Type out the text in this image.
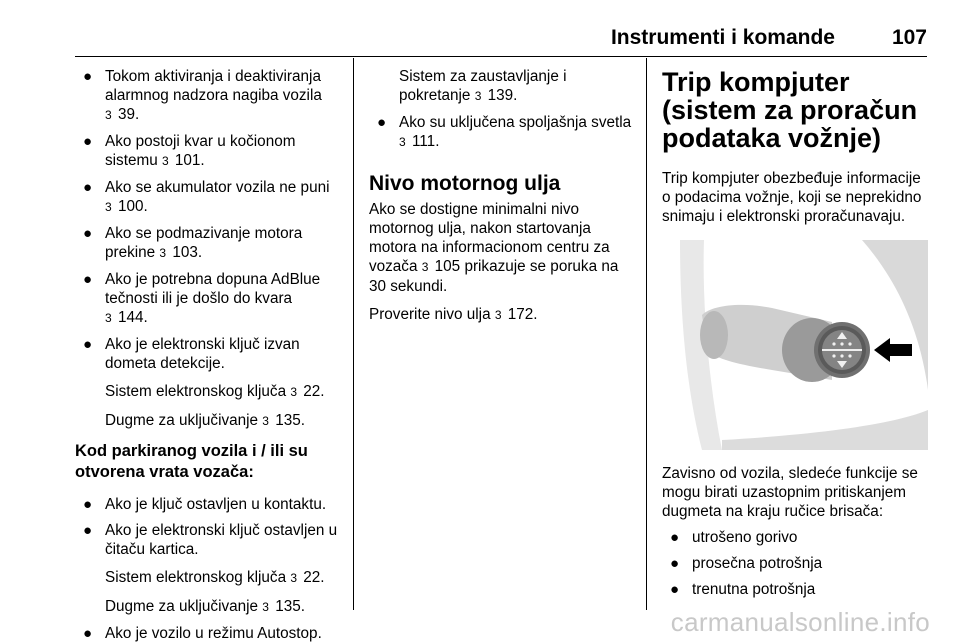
Instrumenti i komande	107
● Tokom aktiviranja i deaktiviranja alarmnog nadzora nagiba vozila
3 39.
● Ako postoji kvar u kočionom sistemu 3 101.
● Ako se akumulator vozila ne puni
3 100.
● Ako se podmazivanje motora prekine 3 103.
● Ako je potrebna dopuna AdBlue tečnosti ili je došlo do kvara
3 144.
● Ako je elektronski ključ izvan dometa detekcije.
Sistem elektronskog ključa 3 22.
Dugme za uključivanje 3 135.
Kod parkiranog vozila i / ili su otvorena vrata vozača:
● Ako je ključ ostavljen u kontaktu.
● Ako je elektronski ključ ostavljen u čitaču kartica.
Sistem elektronskog ključa 3 22.
Dugme za uključivanje 3 135.
● Ako je vozilo u režimu Autostop.
Sistem za zaustavljanje i pokretanje 3 139.
● Ako su uključena spoljašnja svetla 3 111.
Nivo motornog ulja

Ako se dostigne minimalni nivo motornog ulja, nakon startovanja motora na informacionom centru za vozača 3 105 prikazuje se poruka na 30 sekundi.

Proverite nivo ulja 3 172.

Trip kompjuter (sistem za proračun podataka vožnje)

Trip kompjuter obezbeđuje informacije o podacima vožnje, koji se neprekidno snimaju i elektronski proračunavaju.

Zavisno od vozila, sledeće funkcije se mogu birati uzastopnim pritiskanjem dugmeta na kraju ručice brisača:

● utrošeno gorivo
● prosečna potrošnja
● trenutna potrošnja
carmanualsonline.info
